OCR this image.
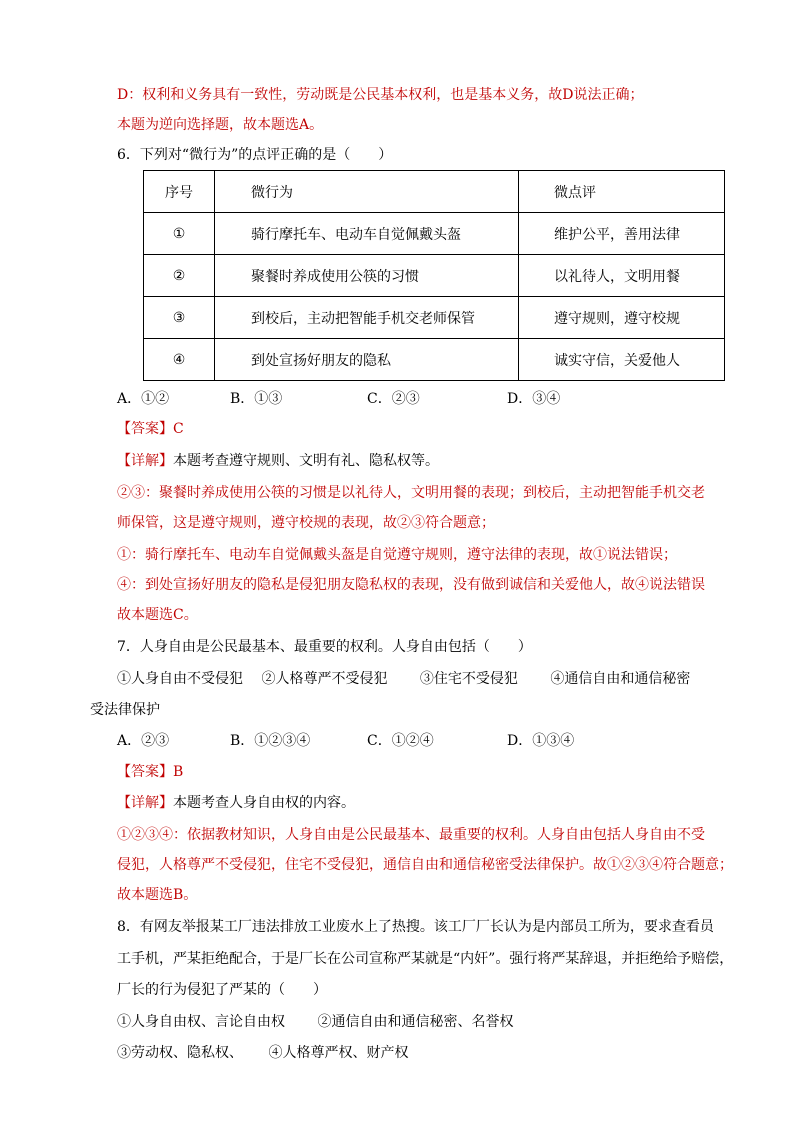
D：权利和义务具有一致性，劳动既是公民基本权利，也是基本义务，故D说法正确；
本题为逆向选择题，故本题选A。
6．下列对“微行为”的点评正确的是（　　）
序号	微行为	微点评
①	骑行摩托车、电动车自觉佩戴头盔	维护公平，善用法律
②	聚餐时养成使用公筷的习惯	以礼待人，文明用餐
③	到校后，主动把智能手机交老师保管	遵守规则，遵守校规
④	到处宣扬好朋友的隐私	诚实守信，关爱他人
A．①②	B．①③	C．②③	D．③④
【答案】C
【详解】本题考查遵守规则、文明有礼、隐私权等。
②③：聚餐时养成使用公筷的习惯是以礼待人，文明用餐的表现；到校后，主动把智能手机交老
师保管，这是遵守规则，遵守校规的表现，故②③符合题意；
①：骑行摩托车、电动车自觉佩戴头盔是自觉遵守规则，遵守法律的表现，故①说法错误；
④：到处宣扬好朋友的隐私是侵犯朋友隐私权的表现，没有做到诚信和关爱他人，故④说法错误
故本题选C。
7．人身自由是公民最基本、最重要的权利。人身自由包括（　　）
①人身自由不受侵犯　 ②人格尊严不受侵犯　 　③住宅不受侵犯　 　④通信自由和通信秘密
受法律保护
A．②③	B．①②③④	C．①②④	D．①③④
【答案】B
【详解】本题考查人身自由权的内容。
①②③④：依据教材知识，人身自由是公民最基本、最重要的权利。人身自由包括人身自由不受
侵犯，人格尊严不受侵犯，住宅不受侵犯，通信自由和通信秘密受法律保护。故①②③④符合题意；
故本题选B。
8．有网友举报某工厂违法排放工业废水上了热搜。该工厂厂长认为是内部员工所为，要求查看员
工手机，严某拒绝配合，于是厂长在公司宣称严某就是“内奸”。强行将严某辞退，并拒绝给予赔偿，
厂长的行为侵犯了严某的（　　）
①人身自由权、言论自由权　 　②通信自由和通信秘密、名誉权
③劳动权、隐私权、　 　④人格尊严权、财产权
